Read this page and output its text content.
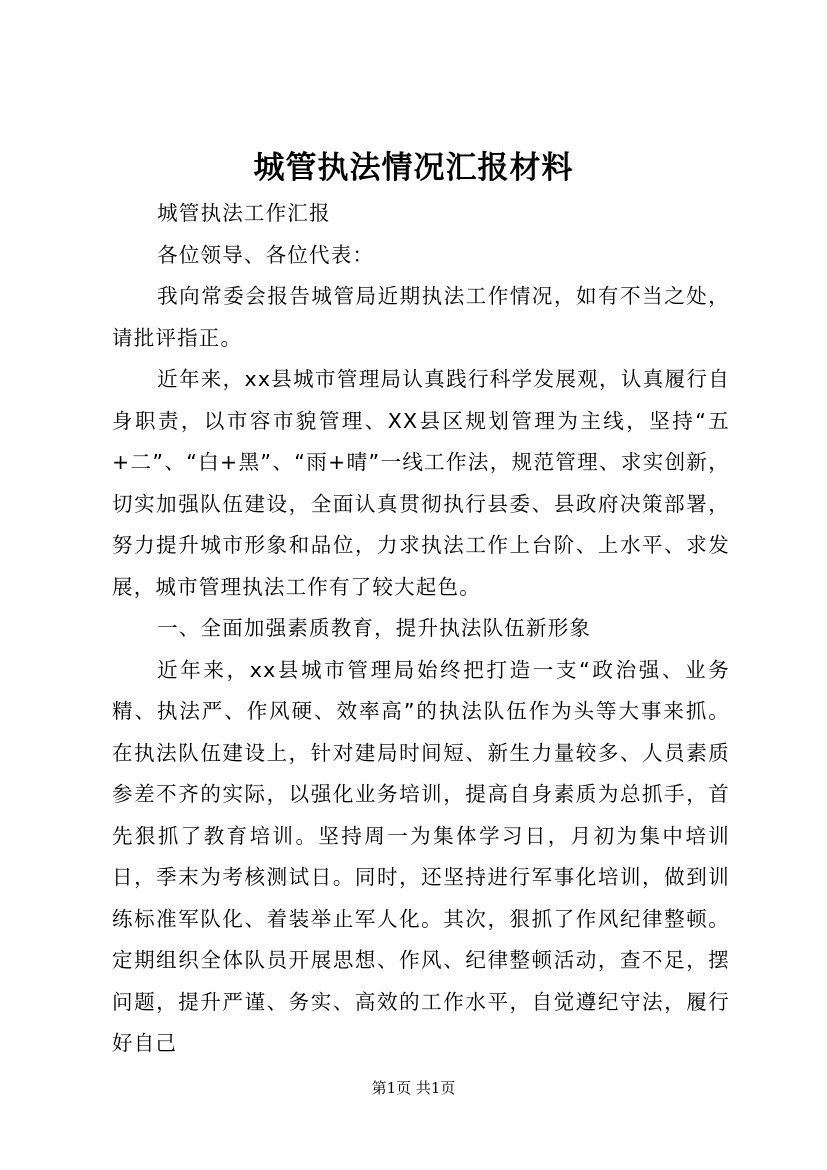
城管执法情况汇报材料

城管执法工作汇报

各位领导、各位代表：

我向常委会报告城管局近期执法工作情况，如有不当之处，请批评指正。

近年来，xx县城市管理局认真践行科学发展观，认真履行自身职责，以市容市貌管理、XX县区规划管理为主线，坚持“五+二”、“白+黑”、“雨+晴”一线工作法，规范管理、求实创新，切实加强队伍建设，全面认真贯彻执行县委、县政府决策部署，努力提升城市形象和品位，力求执法工作上台阶、上水平、求发展，城市管理执法工作有了较大起色。

一、全面加强素质教育，提升执法队伍新形象

近年来，xx县城市管理局始终把打造一支“政治强、业务精、执法严、作风硬、效率高”的执法队伍作为头等大事来抓。在执法队伍建设上，针对建局时间短、新生力量较多、人员素质参差不齐的实际，以强化业务培训，提高自身素质为总抓手，首先狠抓了教育培训。坚持周一为集体学习日，月初为集中培训日，季末为考核测试日。同时，还坚持进行军事化培训，做到训练标准军队化、着装举止军人化。其次，狠抓了作风纪律整顿。定期组织全体队员开展思想、作风、纪律整顿活动，查不足，摆问题，提升严谨、务实、高效的工作水平，自觉遵纪守法，履行好自己

第1页 共1页
